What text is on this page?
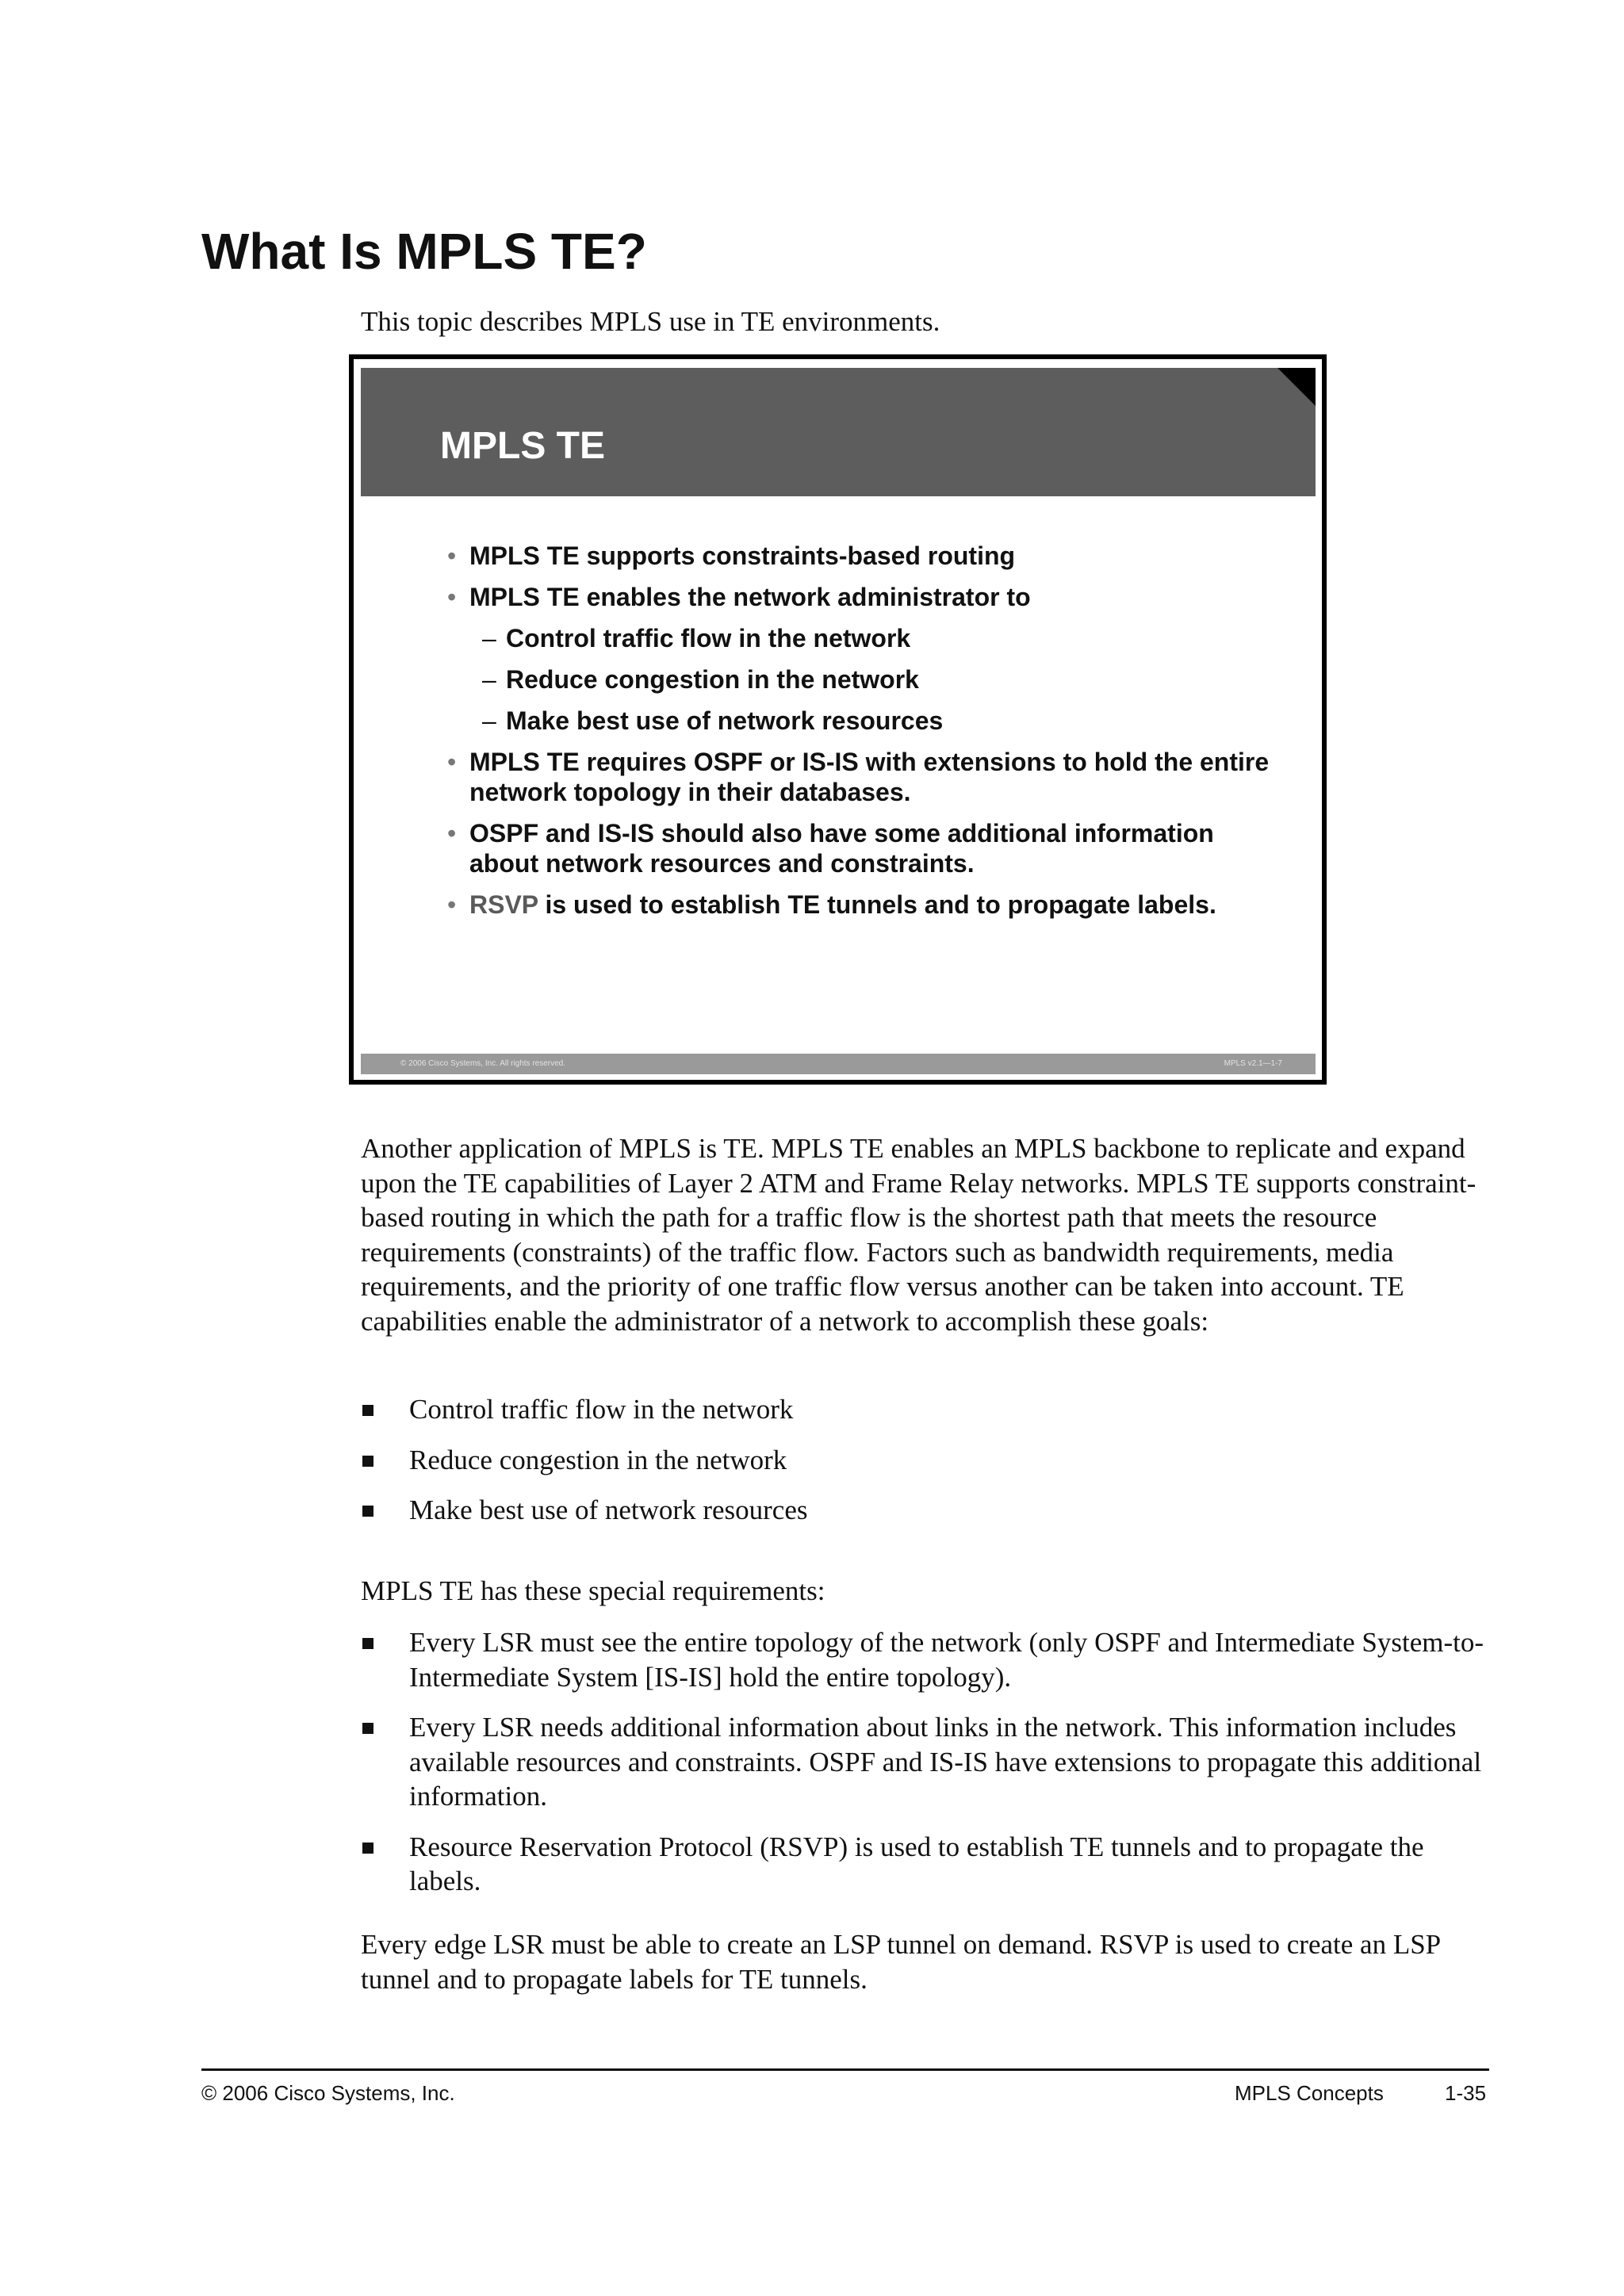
What Is MPLS TE?

This topic describes MPLS use in TE environments.

MPLS TE
• MPLS TE supports constraints-based routing
• MPLS TE enables the network administrator to
– Control traffic flow in the network
– Reduce congestion in the network
– Make best use of network resources
• MPLS TE requires OSPF or IS-IS with extensions to hold the entire network topology in their databases.
• OSPF and IS-IS should also have some additional information about network resources and constraints.
• RSVP is used to establish TE tunnels and to propagate labels.
© 2006 Cisco Systems, Inc. All rights reserved.	MPLS v2.1—1-7

Another application of MPLS is TE. MPLS TE enables an MPLS backbone to replicate and expand upon the TE capabilities of Layer 2 ATM and Frame Relay networks. MPLS TE supports constraint-based routing in which the path for a traffic flow is the shortest path that meets the resource requirements (constraints) of the traffic flow. Factors such as bandwidth requirements, media requirements, and the priority of one traffic flow versus another can be taken into account. TE capabilities enable the administrator of a network to accomplish these goals:

Control traffic flow in the network
Reduce congestion in the network
Make best use of network resources

MPLS TE has these special requirements:

Every LSR must see the entire topology of the network (only OSPF and Intermediate System-to-Intermediate System [IS-IS] hold the entire topology).
Every LSR needs additional information about links in the network. This information includes available resources and constraints. OSPF and IS-IS have extensions to propagate this additional information.
Resource Reservation Protocol (RSVP) is used to establish TE tunnels and to propagate the labels.

Every edge LSR must be able to create an LSP tunnel on demand. RSVP is used to create an LSP tunnel and to propagate labels for TE tunnels.

© 2006 Cisco Systems, Inc.	MPLS Concepts	1-35
